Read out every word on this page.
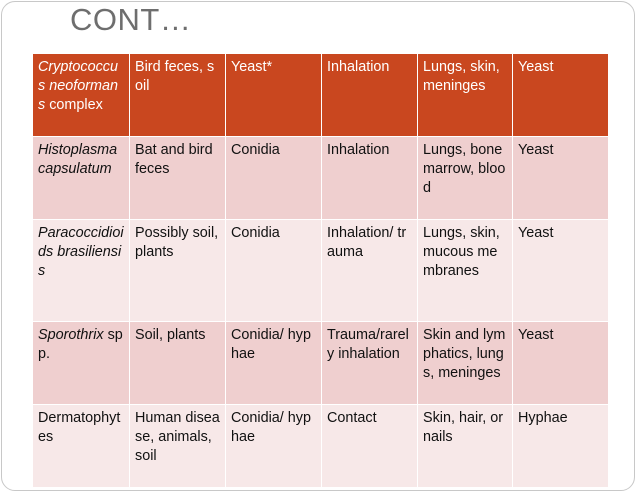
CONT…
Cryptococcus neoformans complex	Bird feces, soil	Yeast*	Inhalation	Lungs, skin, meninges	Yeast
Histoplasma capsulatum	Bat and bird feces	Conidia	Inhalation	Lungs, bone marrow, blood	Yeast
Paracoccidioids brasiliensis	Possibly soil, plants	Conidia	Inhalation/ trauma	Lungs, skin, mucous membranes	Yeast
Sporothrix spp.	Soil, plants	Conidia/ hyphae	Trauma/rarely inhalation	Skin and lymphatics, lungs, meninges	Yeast
Dermatophytes	Human disease, animals, soil	Conidia/ hyphae	Contact	Skin, hair, or nails	Hyphae
